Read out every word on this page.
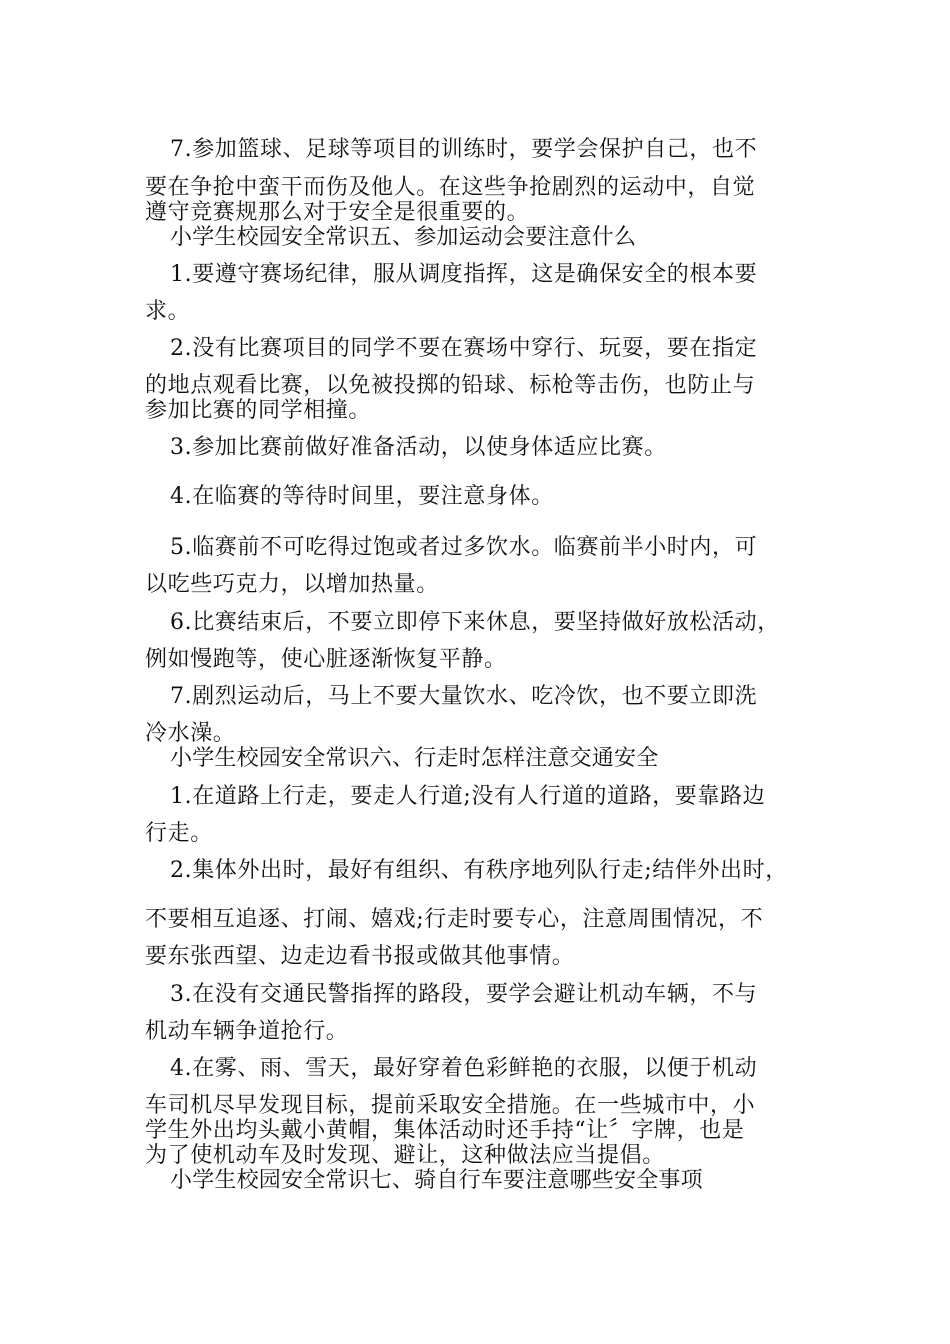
7.参加篮球、足球等项目的训练时，要学会保护自己，也不
要在争抢中蛮干而伤及他人。在这些争抢剧烈的运动中，自觉
遵守竞赛规那么对于安全是很重要的。
小学生校园安全常识五、参加运动会要注意什么
1.要遵守赛场纪律，服从调度指挥，这是确保安全的根本要
求。
2.没有比赛项目的同学不要在赛场中穿行、玩耍，要在指定
的地点观看比赛，以免被投掷的铅球、标枪等击伤，也防止与
参加比赛的同学相撞。
3.参加比赛前做好准备活动，以使身体适应比赛。
4.在临赛的等待时间里，要注意身体。
5.临赛前不可吃得过饱或者过多饮水。临赛前半小时内，可
以吃些巧克力，以增加热量。
6.比赛结束后，不要立即停下来休息，要坚持做好放松活动，
例如慢跑等，使心脏逐渐恢复平静。
7.剧烈运动后，马上不要大量饮水、吃冷饮，也不要立即洗
冷水澡。
小学生校园安全常识六、行走时怎样注意交通安全
1.在道路上行走，要走人行道;没有人行道的道路，要靠路边
行走。
2.集体外出时，最好有组织、有秩序地列队行走;结伴外出时，
不要相互追逐、打闹、嬉戏;行走时要专心，注意周围情况，不
要东张西望、边走边看书报或做其他事情。
3.在没有交通民警指挥的路段，要学会避让机动车辆，不与
机动车辆争道抢行。
4.在雾、雨、雪天，最好穿着色彩鲜艳的衣服，以便于机动
车司机尽早发现目标，提前采取安全措施。在一些城市中，小
学生外出均头戴小黄帽，集体活动时还手持“让〞字牌，也是
为了使机动车及时发现、避让，这种做法应当提倡。
小学生校园安全常识七、骑自行车要注意哪些安全事项
